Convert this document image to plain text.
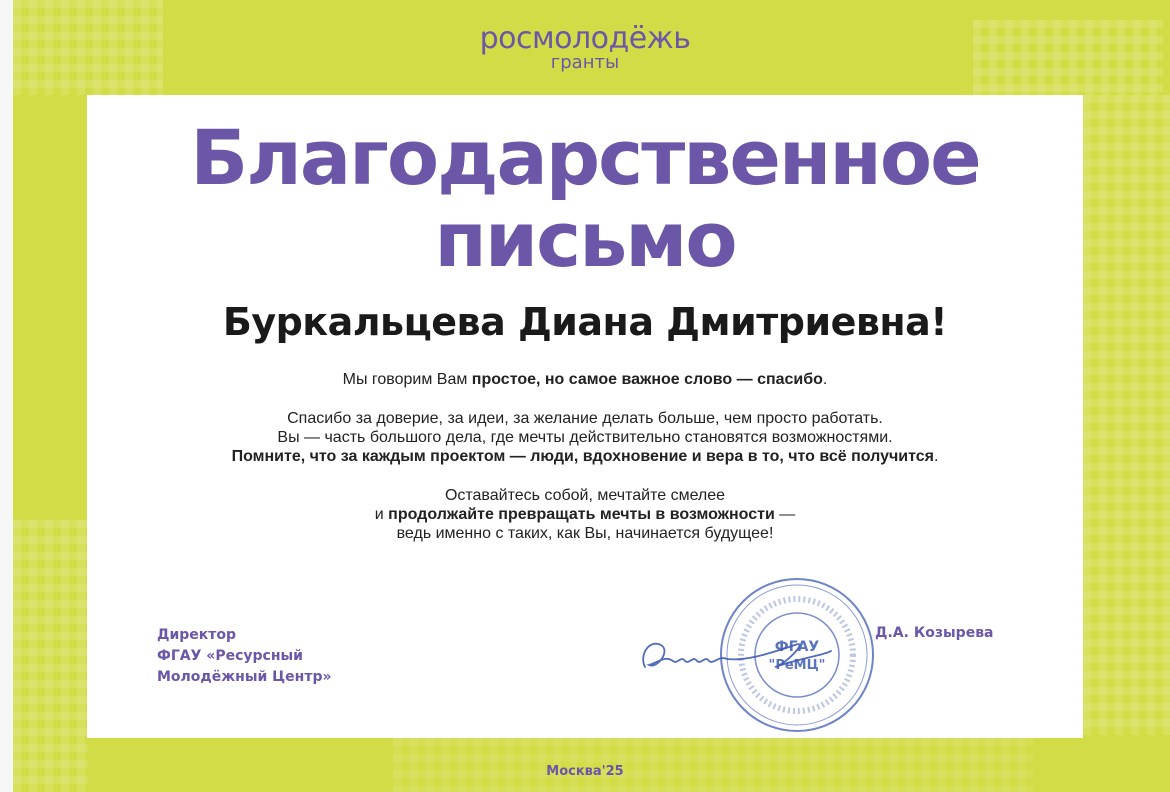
росмолодёжь
гранты
Благодарственное
письмо
Буркальцева Диана Дмитриевна!

Мы говорим Вам простое, но самое важное слово — спасибо.

Спасибо за доверие, за идеи, за желание делать больше, чем просто работать.
Вы — часть большого дела, где мечты действительно становятся возможностями.
Помните, что за каждым проектом — люди, вдохновение и вера в то, что всё получится.

Оставайтесь собой, мечтайте смелее
и продолжайте превращать мечты в возможности —
ведь именно с таких, как Вы, начинается будущее!

Директор
ФГАУ «Ресурсный
Молодёжный Центр»
ФГАУ
"РеМЦ"
Д.А. Козырева
Москва'25
